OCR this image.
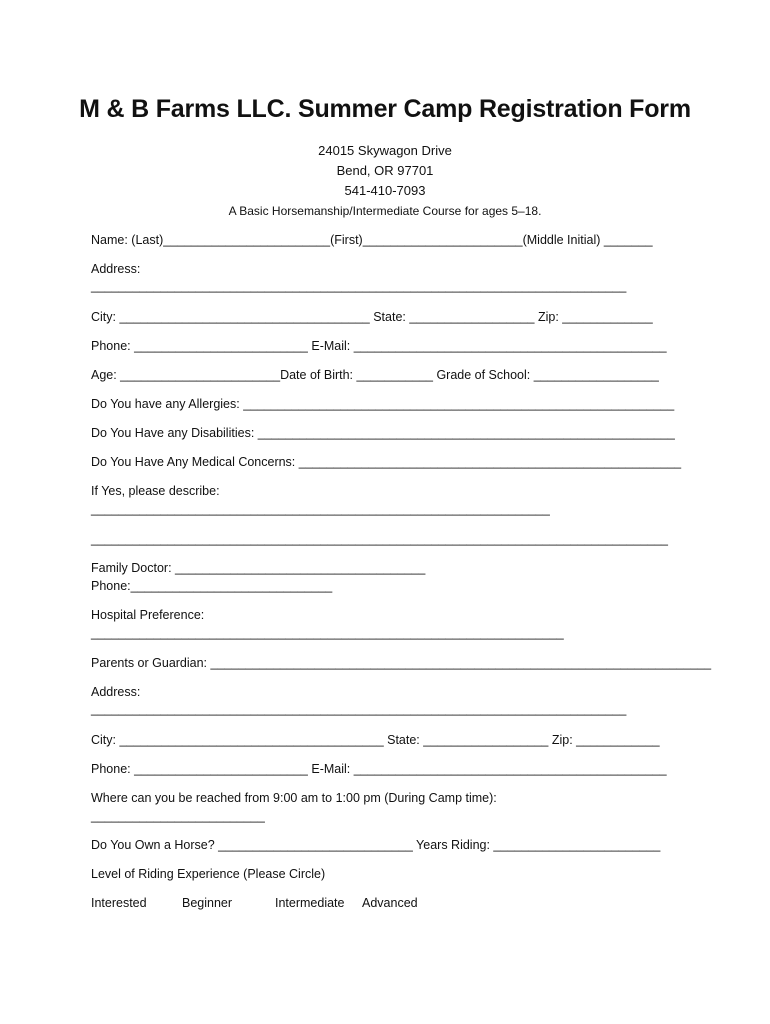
M & B Farms LLC. Summer Camp Registration Form
24015 Skywagon Drive
Bend, OR 97701
541-410-7093
A Basic Horsemanship/Intermediate Course for ages 5–18.
Name: (Last)________________________(First)_______________________(Middle Initial) _______
Address:
_____________________________________________________________________________
City: ____________________________________ State: __________________ Zip: _____________
Phone: _________________________ E-Mail: _____________________________________________
Age: _______________________Date of Birth: ___________ Grade of School: __________________
Do You have any Allergies: ______________________________________________________________
Do You Have any Disabilities: ____________________________________________________________
Do You Have Any Medical Concerns: _______________________________________________________
If Yes, please describe:
__________________________________________________________________
___________________________________________________________________________________
Family Doctor: ____________________________________
Phone:_____________________________
Hospital Preference:
____________________________________________________________________
Parents or Guardian: ________________________________________________________________________
Address:
_____________________________________________________________________________
City: ______________________________________ State: __________________ Zip: ____________
Phone: _________________________ E-Mail: _____________________________________________
Where can you be reached from 9:00 am to 1:00 pm (During Camp time):
_________________________
Do You Own a Horse? ____________________________ Years Riding: ________________________
Level of Riding Experience (Please Circle)
Interested	Beginner	Intermediate Advanced
